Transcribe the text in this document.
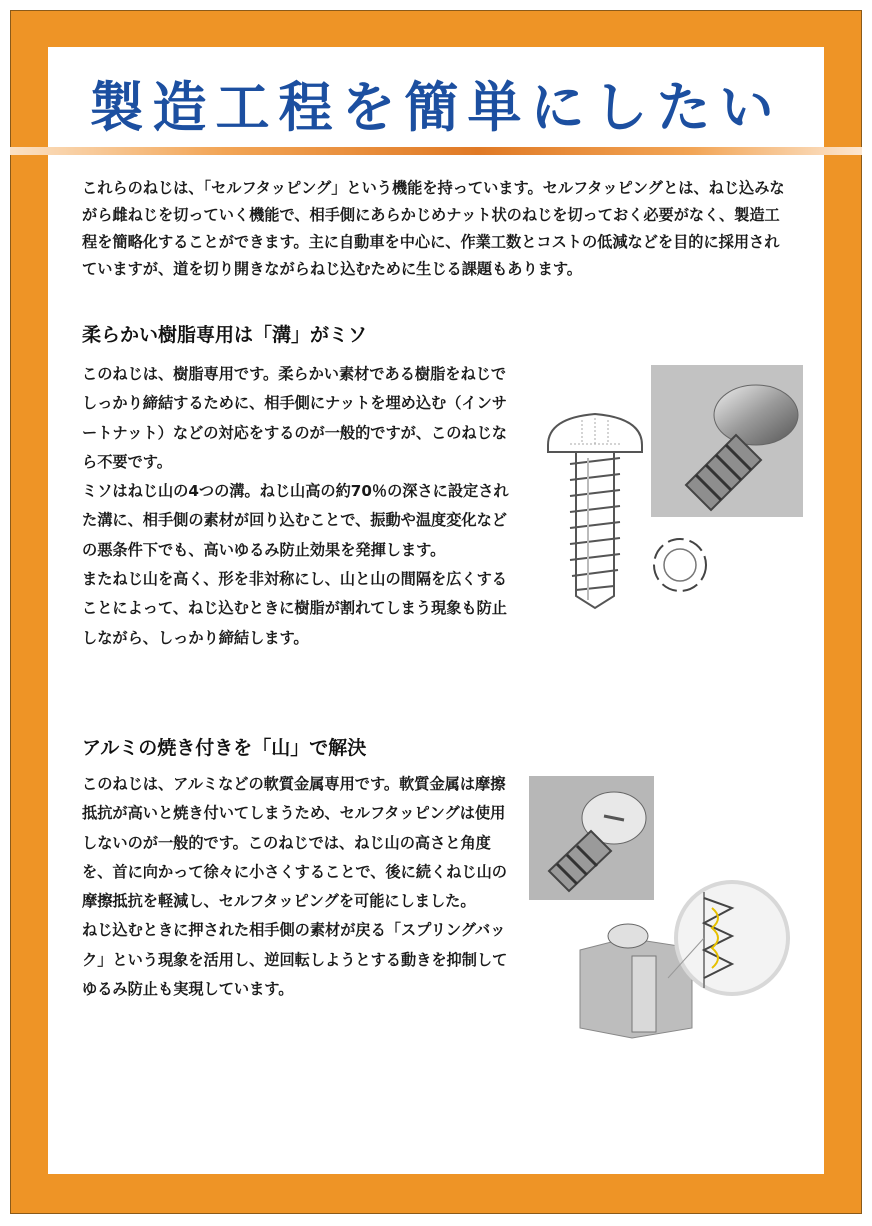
製造工程を簡単にしたい

これらのねじは、「セルフタッピング」という機能を持っています。セルフタッピングとは、ねじ込みながら雌ねじを切っていく機能で、相手側にあらかじめナット状のねじを切っておく必要がなく、製造工程を簡略化することができます。主に自動車を中心に、作業工数とコストの低減などを目的に採用されていますが、道を切り開きながらねじ込むために生じる課題もあります。

柔らかい樹脂専用は「溝」がミソ

このねじは、樹脂専用です。柔らかい素材である樹脂をねじでしっかり締結するために、相手側にナットを埋め込む（インサートナット）などの対応をするのが一般的ですが、このねじなら不要です。

ミソはねじ山の4つの溝。ねじ山高の約70％の深さに設定された溝に、相手側の素材が回り込むことで、振動や温度変化などの悪条件下でも、高いゆるみ防止効果を発揮します。

またねじ山を高く、形を非対称にし、山と山の間隔を広くすることによって、ねじ込むときに樹脂が割れてしまう現象も防止しながら、しっかり締結します。

アルミの焼き付きを「山」で解決

このねじは、アルミなどの軟質金属専用です。軟質金属は摩擦抵抗が高いと焼き付いてしまうため、セルフタッピングは使用しないのが一般的です。このねじでは、ねじ山の高さと角度を、首に向かって徐々に小さくすることで、後に続くねじ山の摩擦抵抗を軽減し、セルフタッピングを可能にしました。

ねじ込むときに押された相手側の素材が戻る「スプリングバック」という現象を活用し、逆回転しようとする動きを抑制してゆるみ防止も実現しています。
